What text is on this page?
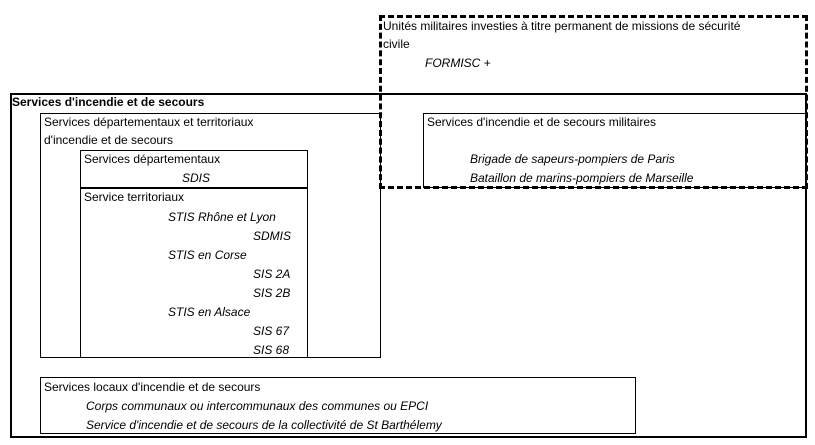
Services d'incendie et de secours
Services départementaux et territoriaux
d'incendie et de secours
Services départementaux
SDIS
Service territoriaux
STIS Rhône et Lyon
SDMIS
STIS en Corse
SIS 2A
SIS 2B
STIS en Alsace
SIS 67
SIS 68
Services d'incendie et de secours militaires
Brigade de sapeurs-pompiers de Paris
Bataillon de marins-pompiers de Marseille
Services locaux d'incendie et de secours
Corps communaux ou intercommunaux des communes ou EPCI
Service d'incendie et de secours de la collectivité de St Barthélemy
Unités militaires investies à titre permanent de missions de sécurité
civile
FORMISC +
